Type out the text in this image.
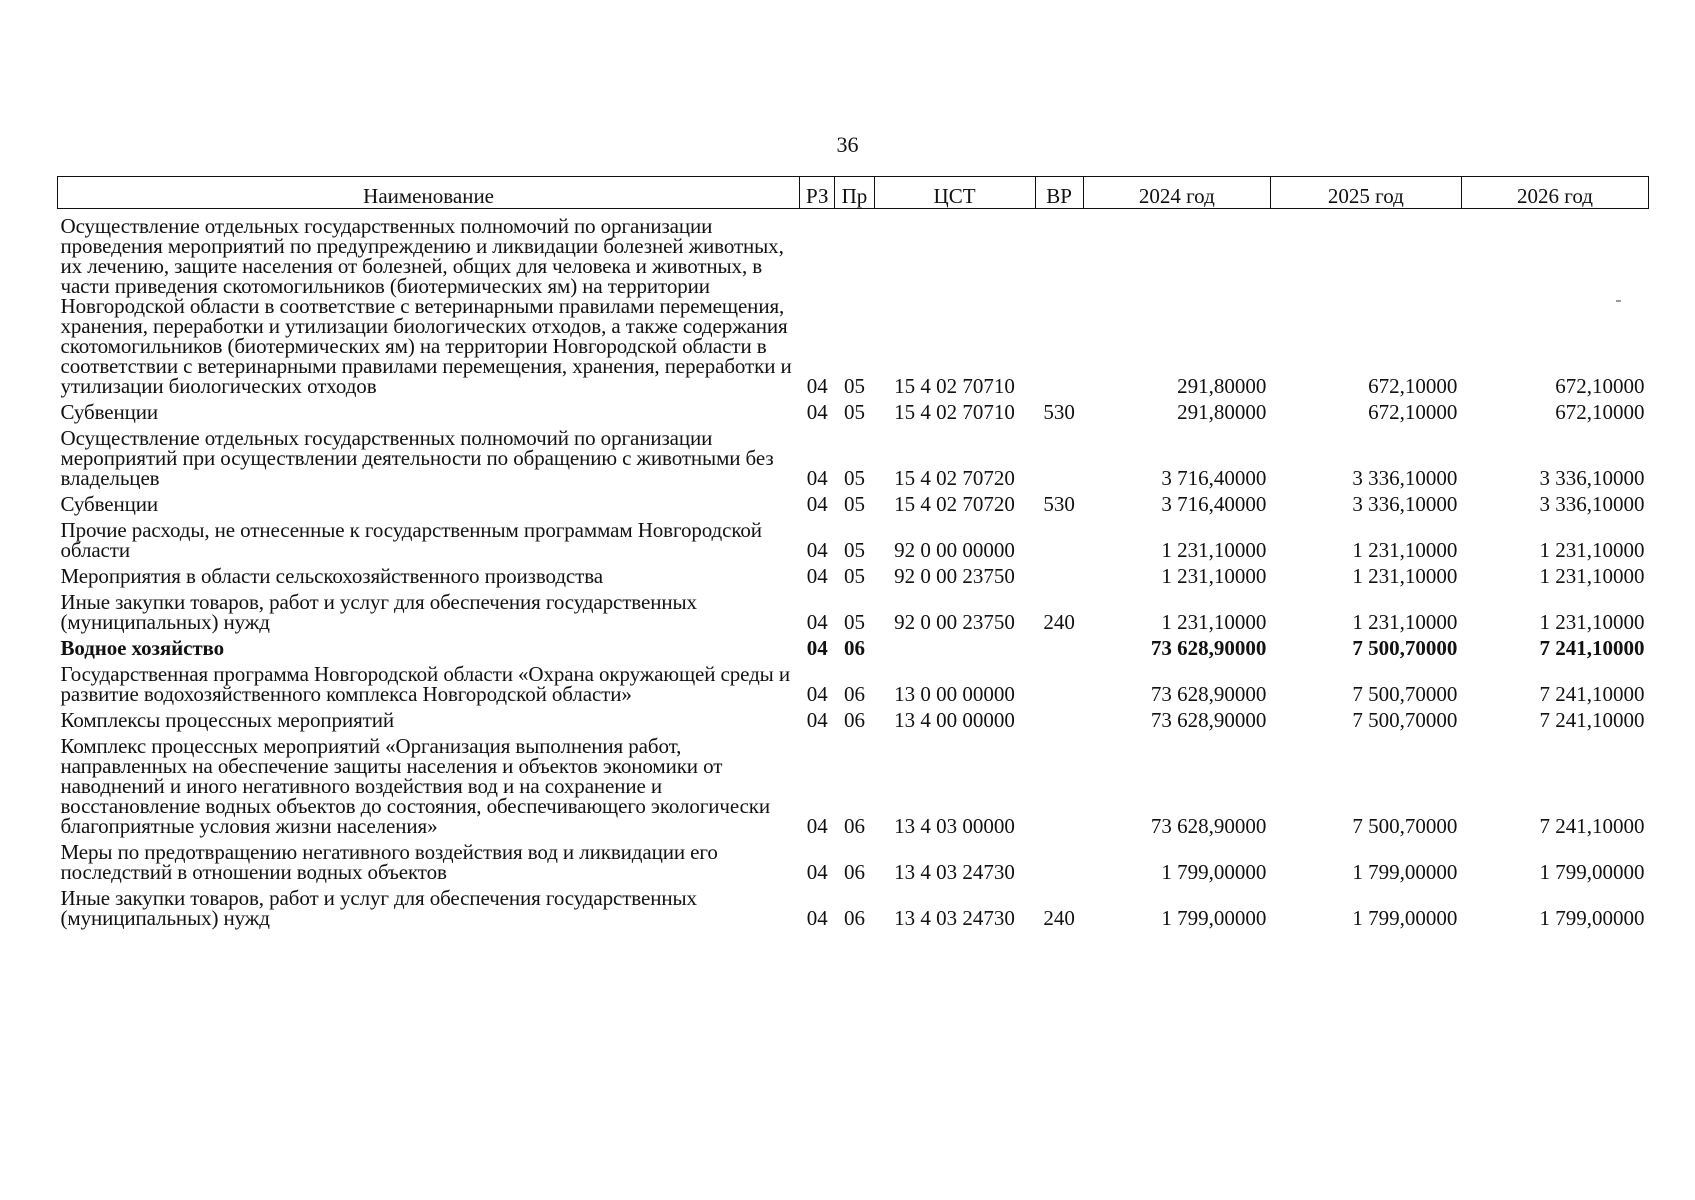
36
Наименование	РЗ	Пр	ЦСТ	ВР	2024 год	2025 год	2026 год
Осуществление отдельных государственных полномочий по организации проведения мероприятий по предупреждению и ликвидации болезней животных, их лечению, защите населения от болезней, общих для человека и животных, в части приведения скотомогильников (биотермических ям) на территории Новгородской области в соответствие с ветеринарными правилами перемещения, хранения, переработки и утилизации биологических отходов, а также содержания скотомогильников (биотермических ям) на территории Новгородской области в соответствии с ветеринарными правилами перемещения, хранения, переработки и утилизации биологических отходов	04	05	15 4 02 70710		291,80000	672,10000	672,10000
Субвенции	04	05	15 4 02 70710	530	291,80000	672,10000	672,10000
Осуществление отдельных государственных полномочий по организации мероприятий при осуществлении деятельности по обращению с животными без владельцев	04	05	15 4 02 70720		3 716,40000	3 336,10000	3 336,10000
Субвенции	04	05	15 4 02 70720	530	3 716,40000	3 336,10000	3 336,10000
Прочие расходы, не отнесенные к государственным программам Новгородской области	04	05	92 0 00 00000		1 231,10000	1 231,10000	1 231,10000
Мероприятия в области сельскохозяйственного производства	04	05	92 0 00 23750		1 231,10000	1 231,10000	1 231,10000
Иные закупки товаров, работ и услуг для обеспечения государственных (муниципальных) нужд	04	05	92 0 00 23750	240	1 231,10000	1 231,10000	1 231,10000
Водное хозяйство	04	06			73 628,90000	7 500,70000	7 241,10000
Государственная программа Новгородской области «Охрана окружающей среды и развитие водохозяйственного комплекса Новгородской области»	04	06	13 0 00 00000		73 628,90000	7 500,70000	7 241,10000
Комплексы процессных мероприятий	04	06	13 4 00 00000		73 628,90000	7 500,70000	7 241,10000
Комплекс процессных мероприятий «Организация выполнения работ, направленных на обеспечение защиты населения и объектов экономики от наводнений и иного негативного воздействия вод и на сохранение и восстановление водных объектов до состояния, обеспечивающего экологически благоприятные условия жизни населения»	04	06	13 4 03 00000		73 628,90000	7 500,70000	7 241,10000
Меры по предотвращению негативного воздействия вод и ликвидации его последствий в отношении водных объектов	04	06	13 4 03 24730		1 799,00000	1 799,00000	1 799,00000
Иные закупки товаров, работ и услуг для обеспечения государственных (муниципальных) нужд	04	06	13 4 03 24730	240	1 799,00000	1 799,00000	1 799,00000
